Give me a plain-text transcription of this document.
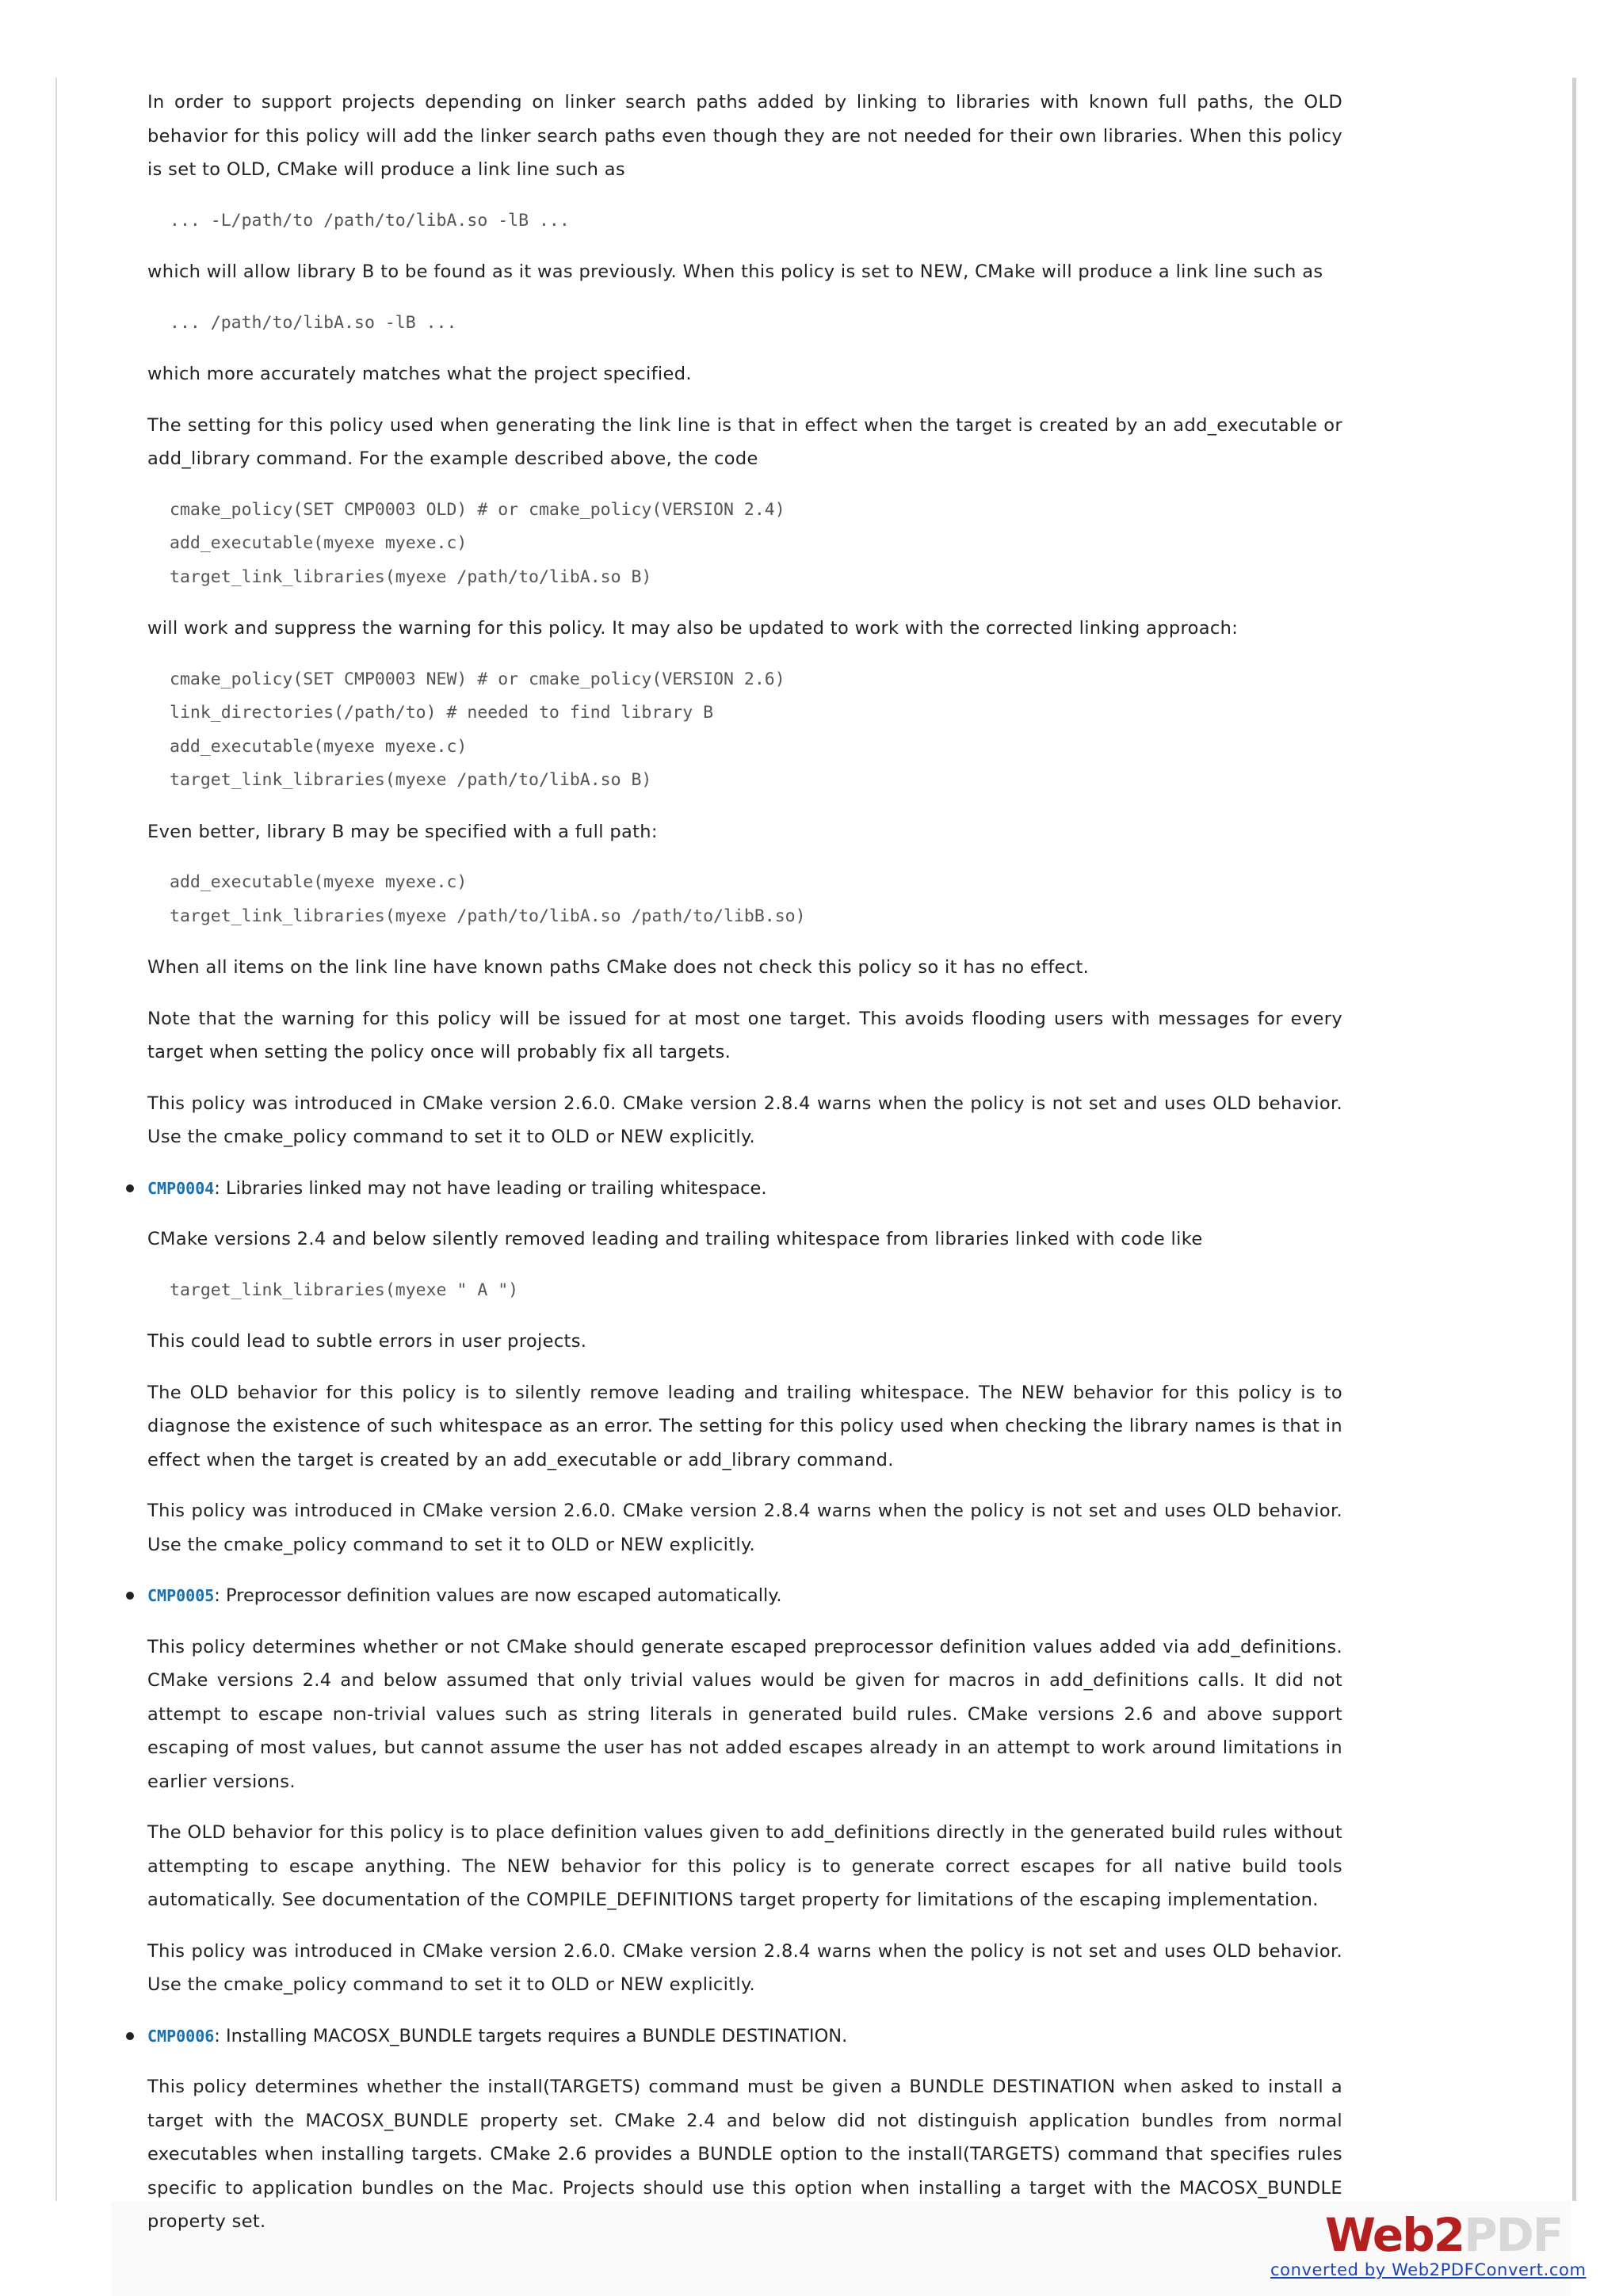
In order to support projects depending on linker search paths added by linking to libraries with known full paths, the OLD behavior for this policy will add the linker search paths even though they are not needed for their own libraries. When this policy is set to OLD, CMake will produce a link line such as

... -L/path/to /path/to/libA.so -lB ...

which will allow library B to be found as it was previously. When this policy is set to NEW, CMake will produce a link line such as

... /path/to/libA.so -lB ...

which more accurately matches what the project specified.

The setting for this policy used when generating the link line is that in effect when the target is created by an add_executable or add_library command. For the example described above, the code

cmake_policy(SET CMP0003 OLD) # or cmake_policy(VERSION 2.4)
add_executable(myexe myexe.c)
target_link_libraries(myexe /path/to/libA.so B)

will work and suppress the warning for this policy. It may also be updated to work with the corrected linking approach:

cmake_policy(SET CMP0003 NEW) # or cmake_policy(VERSION 2.6)
link_directories(/path/to) # needed to find library B
add_executable(myexe myexe.c)
target_link_libraries(myexe /path/to/libA.so B)

Even better, library B may be specified with a full path:

add_executable(myexe myexe.c)
target_link_libraries(myexe /path/to/libA.so /path/to/libB.so)

When all items on the link line have known paths CMake does not check this policy so it has no effect.

Note that the warning for this policy will be issued for at most one target. This avoids flooding users with messages for every target when setting the policy once will probably fix all targets.

This policy was introduced in CMake version 2.6.0. CMake version 2.8.4 warns when the policy is not set and uses OLD behavior. Use the cmake_policy command to set it to OLD or NEW explicitly.

CMP0004: Libraries linked may not have leading or trailing whitespace.

CMake versions 2.4 and below silently removed leading and trailing whitespace from libraries linked with code like

target_link_libraries(myexe " A ")

This could lead to subtle errors in user projects.

The OLD behavior for this policy is to silently remove leading and trailing whitespace. The NEW behavior for this policy is to diagnose the existence of such whitespace as an error. The setting for this policy used when checking the library names is that in effect when the target is created by an add_executable or add_library command.

This policy was introduced in CMake version 2.6.0. CMake version 2.8.4 warns when the policy is not set and uses OLD behavior. Use the cmake_policy command to set it to OLD or NEW explicitly.

CMP0005: Preprocessor definition values are now escaped automatically.

This policy determines whether or not CMake should generate escaped preprocessor definition values added via add_definitions. CMake versions 2.4 and below assumed that only trivial values would be given for macros in add_definitions calls. It did not attempt to escape non-trivial values such as string literals in generated build rules. CMake versions 2.6 and above support escaping of most values, but cannot assume the user has not added escapes already in an attempt to work around limitations in earlier versions.

The OLD behavior for this policy is to place definition values given to add_definitions directly in the generated build rules without attempting to escape anything. The NEW behavior for this policy is to generate correct escapes for all native build tools automatically. See documentation of the COMPILE_DEFINITIONS target property for limitations of the escaping implementation.

This policy was introduced in CMake version 2.6.0. CMake version 2.8.4 warns when the policy is not set and uses OLD behavior. Use the cmake_policy command to set it to OLD or NEW explicitly.

CMP0006: Installing MACOSX_BUNDLE targets requires a BUNDLE DESTINATION.

This policy determines whether the install(TARGETS) command must be given a BUNDLE DESTINATION when asked to install a target with the MACOSX_BUNDLE property set. CMake 2.4 and below did not distinguish application bundles from normal executables when installing targets. CMake 2.6 provides a BUNDLE option to the install(TARGETS) command that specifies rules specific to application bundles on the Mac. Projects should use this option when installing a target with the MACOSX_BUNDLE property set.	Web2PDF
converted by Web2PDFConvert.com
